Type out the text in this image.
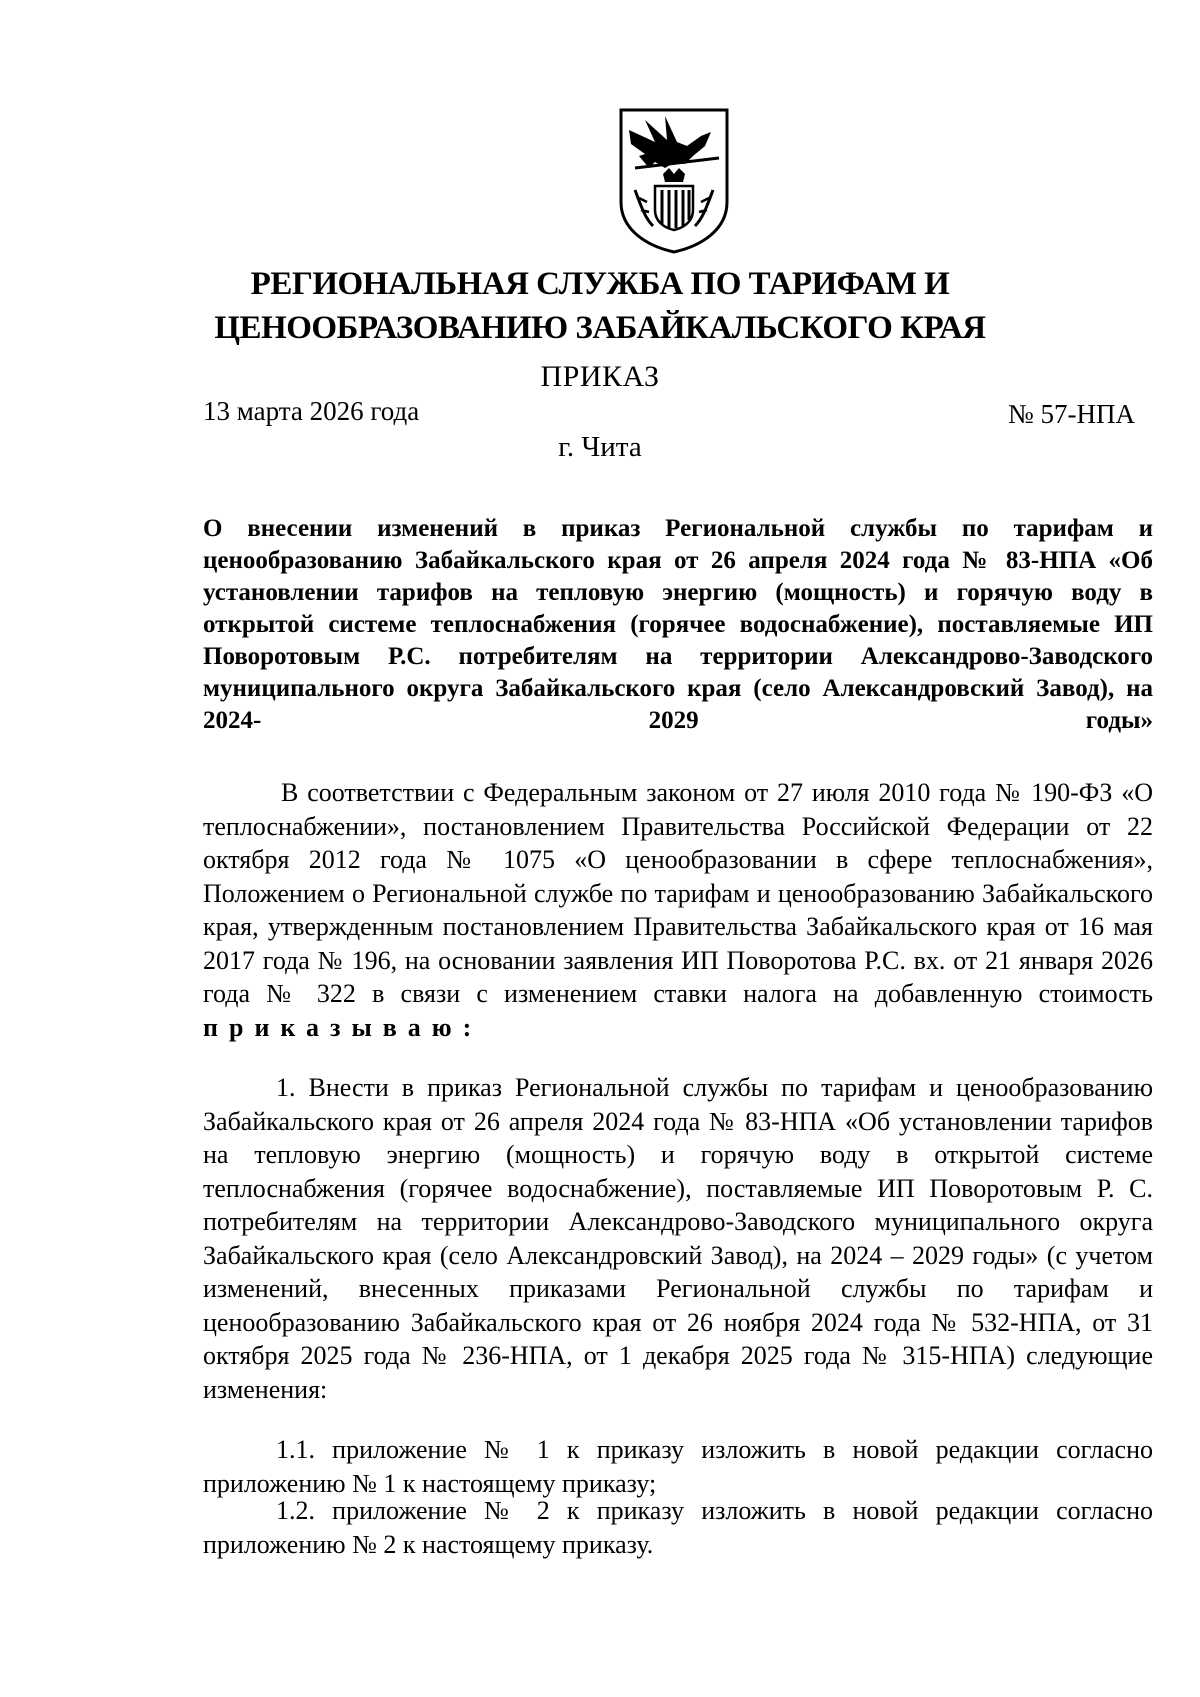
РЕГИОНАЛЬНАЯ СЛУЖБА ПО ТАРИФАМ И
ЦЕНООБРАЗОВАНИЮ ЗАБАЙКАЛЬСКОГО КРАЯ
ПРИКАЗ
13 марта 2026 года	№ 57-НПА
г. Чита
О внесении изменений в приказ Региональной службы по тарифам и ценообразованию Забайкальского края от 26 апреля 2024 года № 83-НПА «Об установлении тарифов на тепловую энергию (мощность) и горячую воду в открытой системе теплоснабжения (горячее водоснабжение), поставляемые ИП Поворотовым Р.С. потребителям на территории Александрово-Заводского муниципального округа Забайкальского края (село Александровский Завод), на 2024- 2029 годы»

В соответствии с Федеральным законом от 27 июля 2010 года № 190-ФЗ «О теплоснабжении», постановлением Правительства Российской Федерации от 22 октября 2012 года № 1075 «О ценообразовании в сфере теплоснабжения», Положением о Региональной службе по тарифам и ценообразованию Забайкальского края, утвержденным постановлением Правительства Забайкальского края от 16 мая 2017 года № 196, на основании заявления ИП Поворотова Р.С. вх. от 21 января 2026 года № 322 в связи с изменением ставки налога на добавленную стоимость приказываю:

1. Внести в приказ Региональной службы по тарифам и ценообразованию Забайкальского края от 26 апреля 2024 года № 83-НПА «Об установлении тарифов на тепловую энергию (мощность) и горячую воду в открытой системе теплоснабжения (горячее водоснабжение), поставляемые ИП Поворотовым Р. С. потребителям на территории Александрово-Заводского муниципального округа Забайкальского края (село Александровский Завод), на 2024 – 2029 годы» (с учетом изменений, внесенных приказами Региональной службы по тарифам и ценообразованию Забайкальского края от 26 ноября 2024 года № 532-НПА, от 31 октября 2025 года № 236-НПА, от 1 декабря 2025 года № 315-НПА) следующие изменения:

1.1. приложение № 1 к приказу изложить в новой редакции согласно приложению № 1 к настоящему приказу;

1.2. приложение № 2 к приказу изложить в новой редакции согласно приложению № 2 к настоящему приказу.
